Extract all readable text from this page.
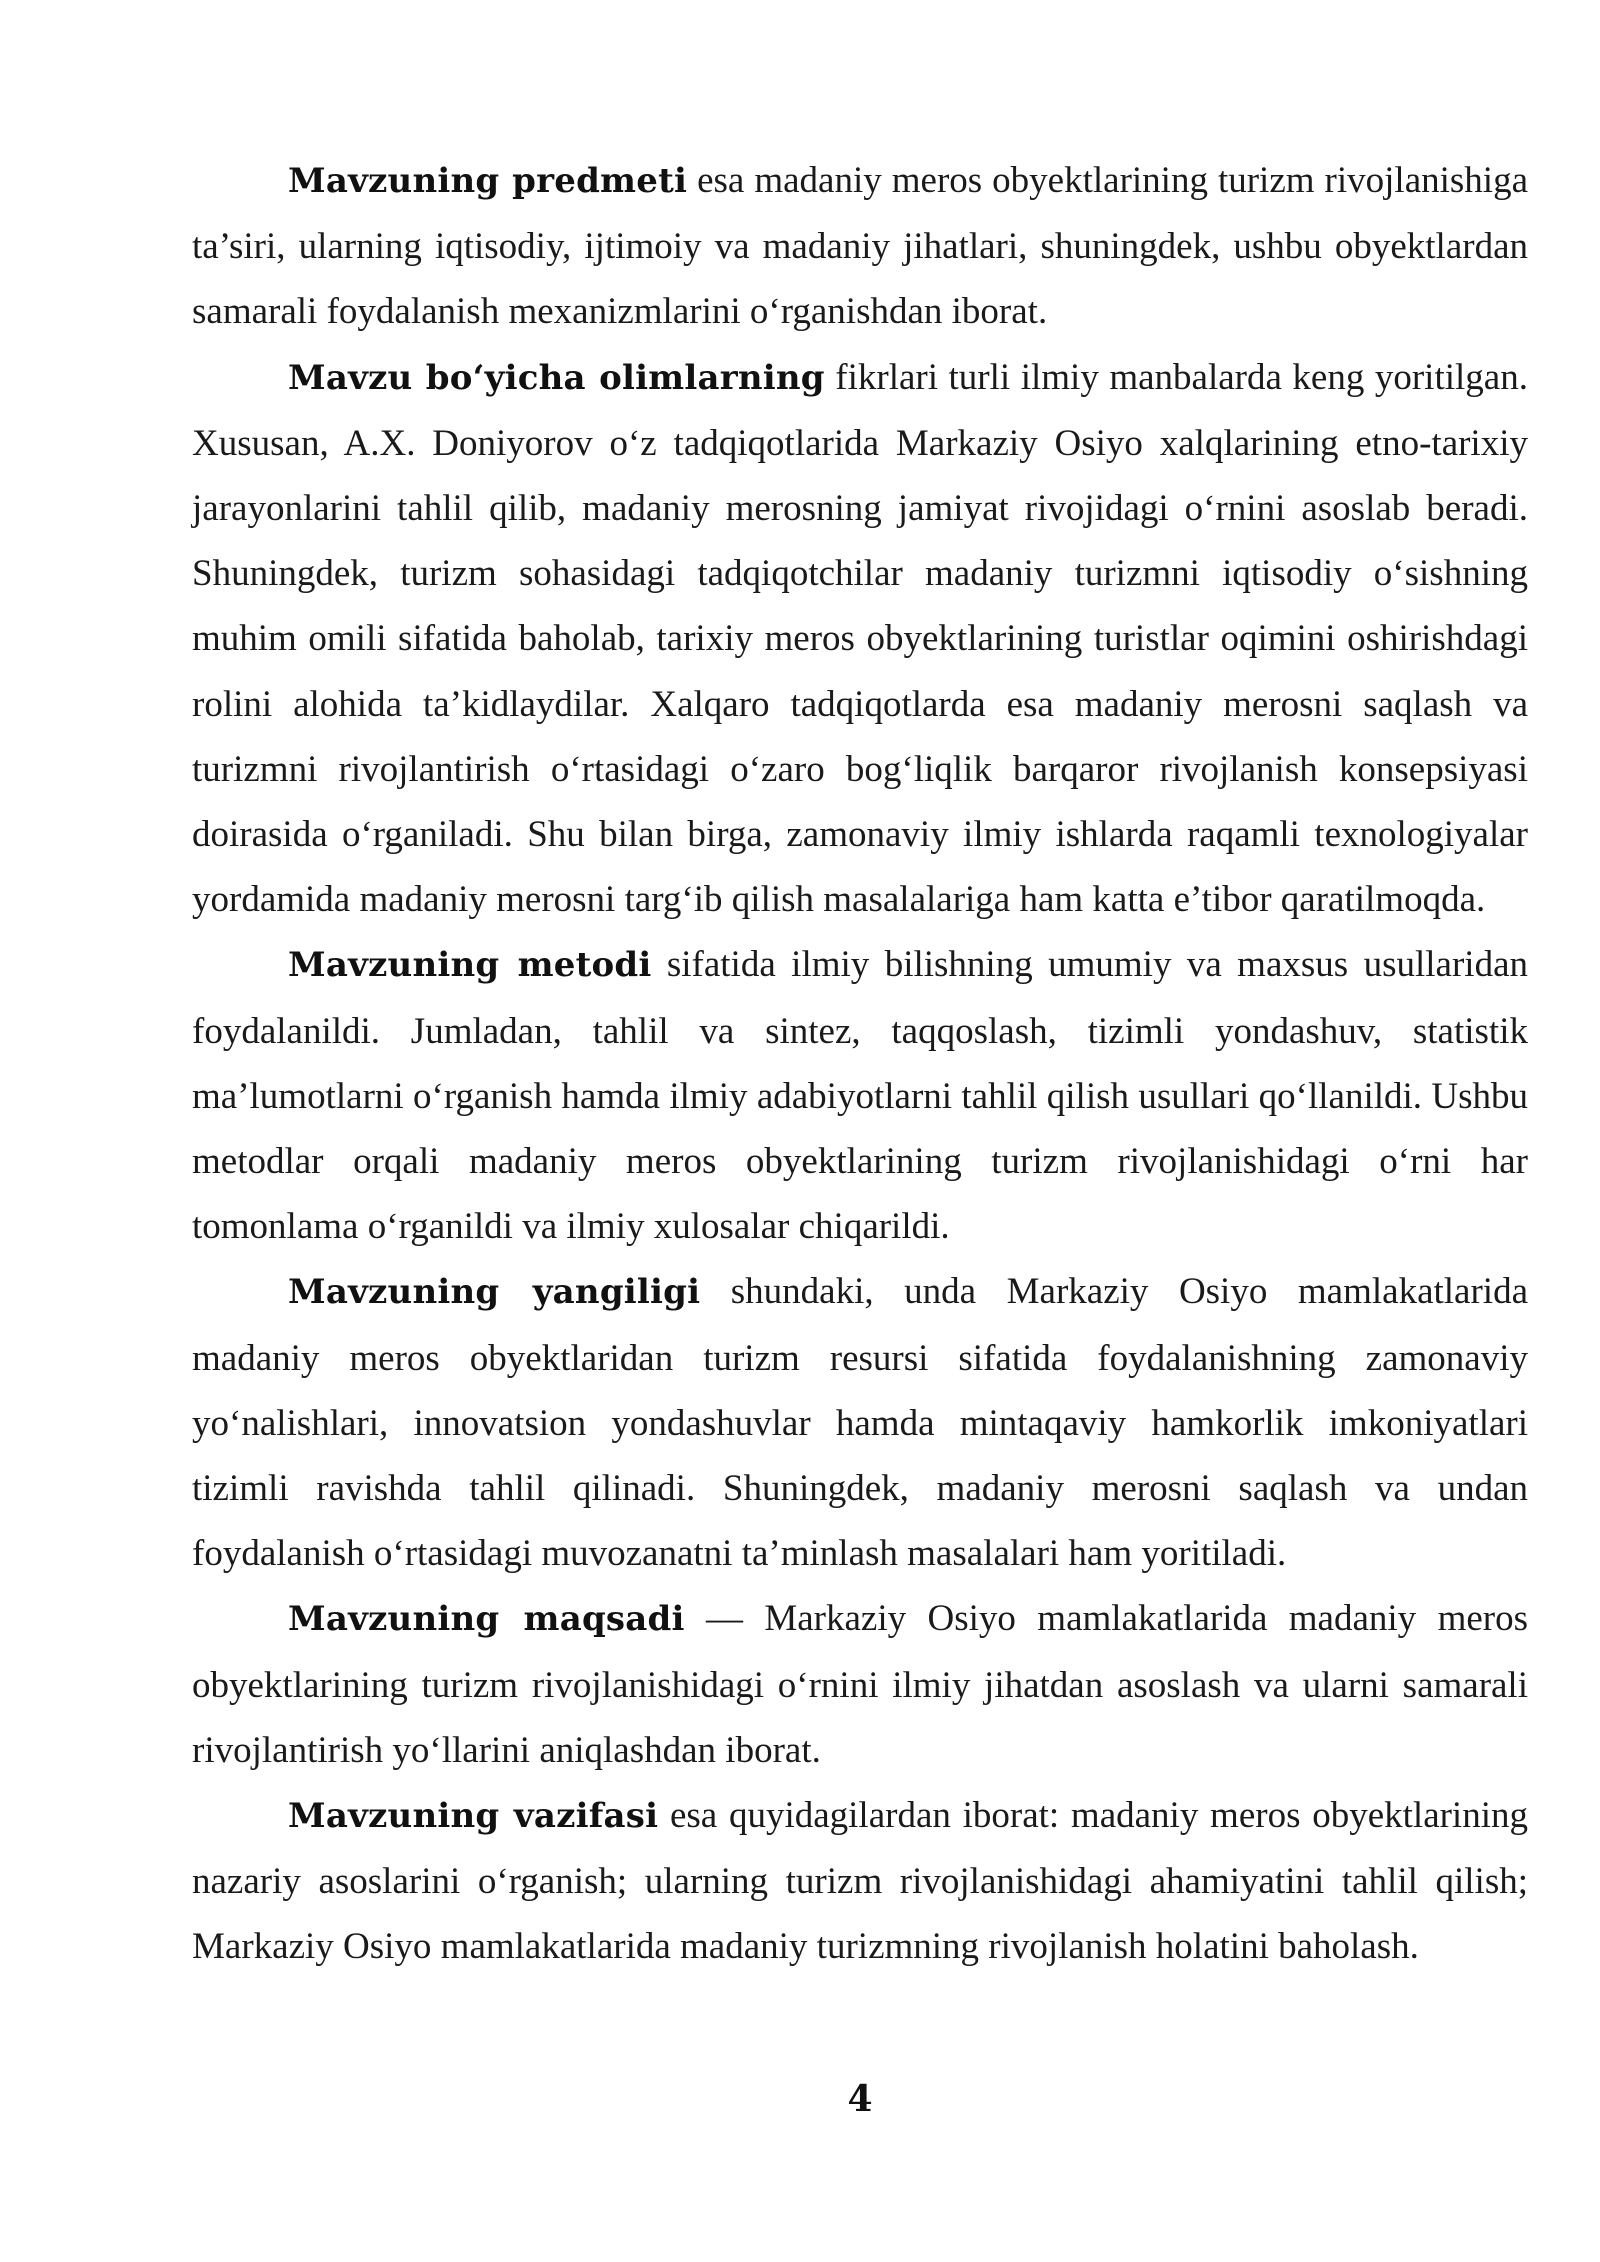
Mavzuning predmeti esa madaniy meros obyektlarining turizm rivojlanishiga ta’siri, ularning iqtisodiy, ijtimoiy va madaniy jihatlari, shuningdek, ushbu obyektlardan samarali foydalanish mexanizmlarini o‘rganishdan iborat.

Mavzu bo‘yicha olimlarning fikrlari turli ilmiy manbalarda keng yoritilgan. Xususan, A.X. Doniyorov o‘z tadqiqotlarida Markaziy Osiyo xalqlarining etno-tarixiy jarayonlarini tahlil qilib, madaniy merosning jamiyat rivojidagi o‘rnini asoslab beradi. Shuningdek, turizm sohasidagi tadqiqotchilar madaniy turizmni iqtisodiy o‘sishning muhim omili sifatida baholab, tarixiy meros obyektlarining turistlar oqimini oshirishdagi rolini alohida ta’kidlaydilar. Xalqaro tadqiqotlarda esa madaniy merosni saqlash va turizmni rivojlantirish o‘rtasidagi o‘zaro bog‘liqlik barqaror rivojlanish konsepsiyasi doirasida o‘rganiladi. Shu bilan birga, zamonaviy ilmiy ishlarda raqamli texnologiyalar yordamida madaniy merosni targ‘ib qilish masalalariga ham katta e’tibor qaratilmoqda.

Mavzuning metodi sifatida ilmiy bilishning umumiy va maxsus usullaridan foydalanildi. Jumladan, tahlil va sintez, taqqoslash, tizimli yondashuv, statistik ma’lumotlarni o‘rganish hamda ilmiy adabiyotlarni tahlil qilish usullari qo‘llanildi. Ushbu metodlar orqali madaniy meros obyektlarining turizm rivojlanishidagi o‘rni har tomonlama o‘rganildi va ilmiy xulosalar chiqarildi.

Mavzuning yangiligi shundaki, unda Markaziy Osiyo mamlakatlarida madaniy meros obyektlaridan turizm resursi sifatida foydalanishning zamonaviy yo‘nalishlari, innovatsion yondashuvlar hamda mintaqaviy hamkorlik imkoniyatlari tizimli ravishda tahlil qilinadi. Shuningdek, madaniy merosni saqlash va undan foydalanish o‘rtasidagi muvozanatni ta’minlash masalalari ham yoritiladi.

Mavzuning maqsadi — Markaziy Osiyo mamlakatlarida madaniy meros obyektlarining turizm rivojlanishidagi o‘rnini ilmiy jihatdan asoslash va ularni samarali rivojlantirish yo‘llarini aniqlashdan iborat.

Mavzuning vazifasi esa quyidagilardan iborat: madaniy meros obyektlarining nazariy asoslarini o‘rganish; ularning turizm rivojlanishidagi ahamiyatini tahlil qilish; Markaziy Osiyo mamlakatlarida madaniy turizmning rivojlanish holatini baholash.

4
